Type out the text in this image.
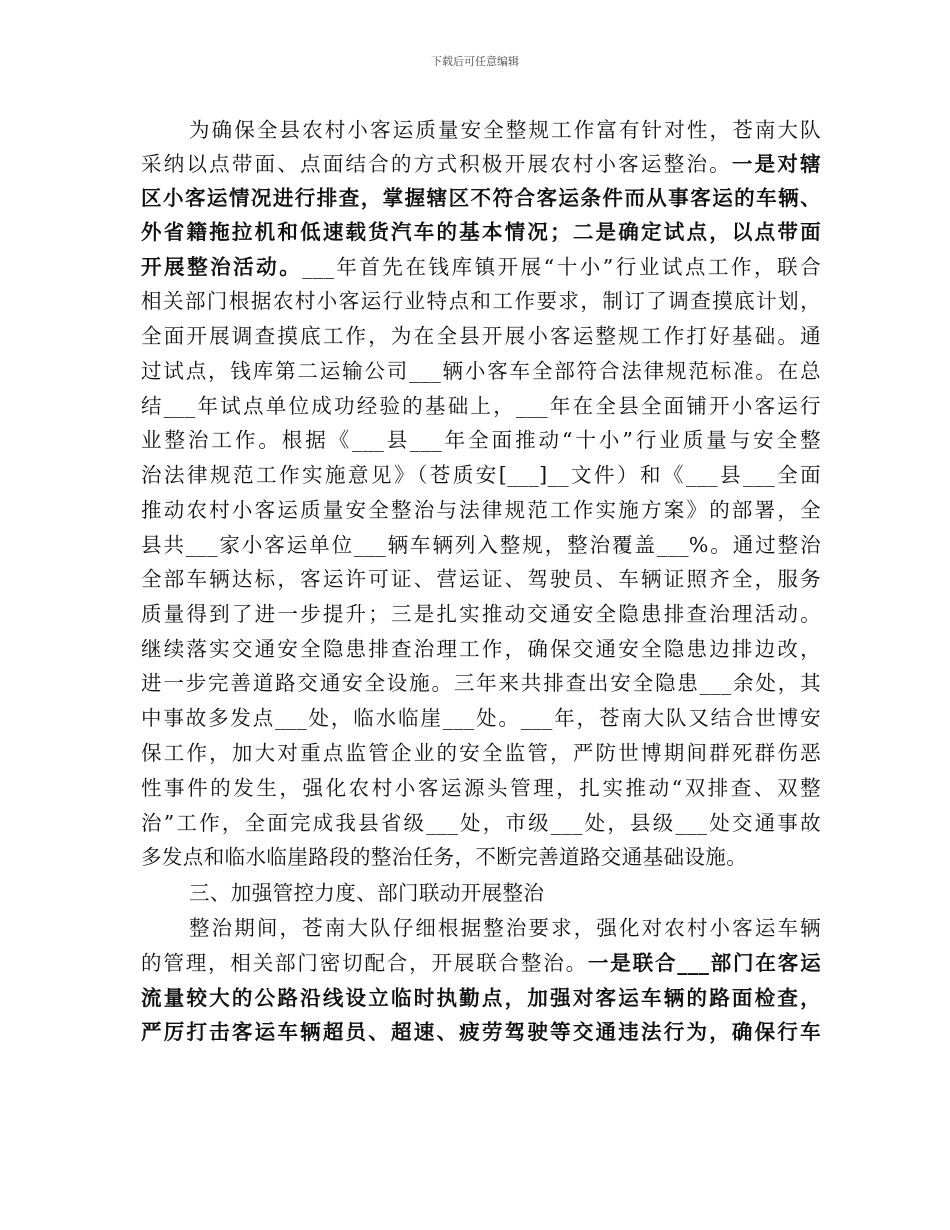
下载后可任意编辑
为确保全县农村小客运质量安全整规工作富有针对性，苍南大队
采纳以点带面、点面结合的方式积极开展农村小客运整治。一是对辖
区小客运情况进行排查，掌握辖区不符合客运条件而从事客运的车辆、
外省籍拖拉机和低速载货汽车的基本情况；二是确定试点，以点带面
开展整治活动。___年首先在钱库镇开展“十小”行业试点工作，联合
相关部门根据农村小客运行业特点和工作要求，制订了调查摸底计划，
全面开展调查摸底工作，为在全县开展小客运整规工作打好基础。通
过试点，钱库第二运输公司___辆小客车全部符合法律规范标准。在总
结___年试点单位成功经验的基础上，___年在全县全面铺开小客运行
业整治工作。根据《___县___年全面推动“十小”行业质量与安全整
治法律规范工作实施意见》（苍质安[___]__文件）和《___县___全面
推动农村小客运质量安全整治与法律规范工作实施方案》的部署，全
县共___家小客运单位___辆车辆列入整规，整治覆盖___%。通过整治
全部车辆达标，客运许可证、营运证、驾驶员、车辆证照齐全，服务
质量得到了进一步提升；三是扎实推动交通安全隐患排查治理活动。
继续落实交通安全隐患排查治理工作，确保交通安全隐患边排边改，
进一步完善道路交通安全设施。三年来共排查出安全隐患___余处，其
中事故多发点___处，临水临崖___处。___年，苍南大队又结合世博安
保工作，加大对重点监管企业的安全监管，严防世博期间群死群伤恶
性事件的发生，强化农村小客运源头管理，扎实推动“双排查、双整
治”工作，全面完成我县省级___处，市级___处，县级___处交通事故
多发点和临水临崖路段的整治任务，不断完善道路交通基础设施。
三、加强管控力度、部门联动开展整治
整治期间，苍南大队仔细根据整治要求，强化对农村小客运车辆
的管理，相关部门密切配合，开展联合整治。一是联合___部门在客运
流量较大的公路沿线设立临时执勤点，加强对客运车辆的路面检查，
严厉打击客运车辆超员、超速、疲劳驾驶等交通违法行为，确保行车
